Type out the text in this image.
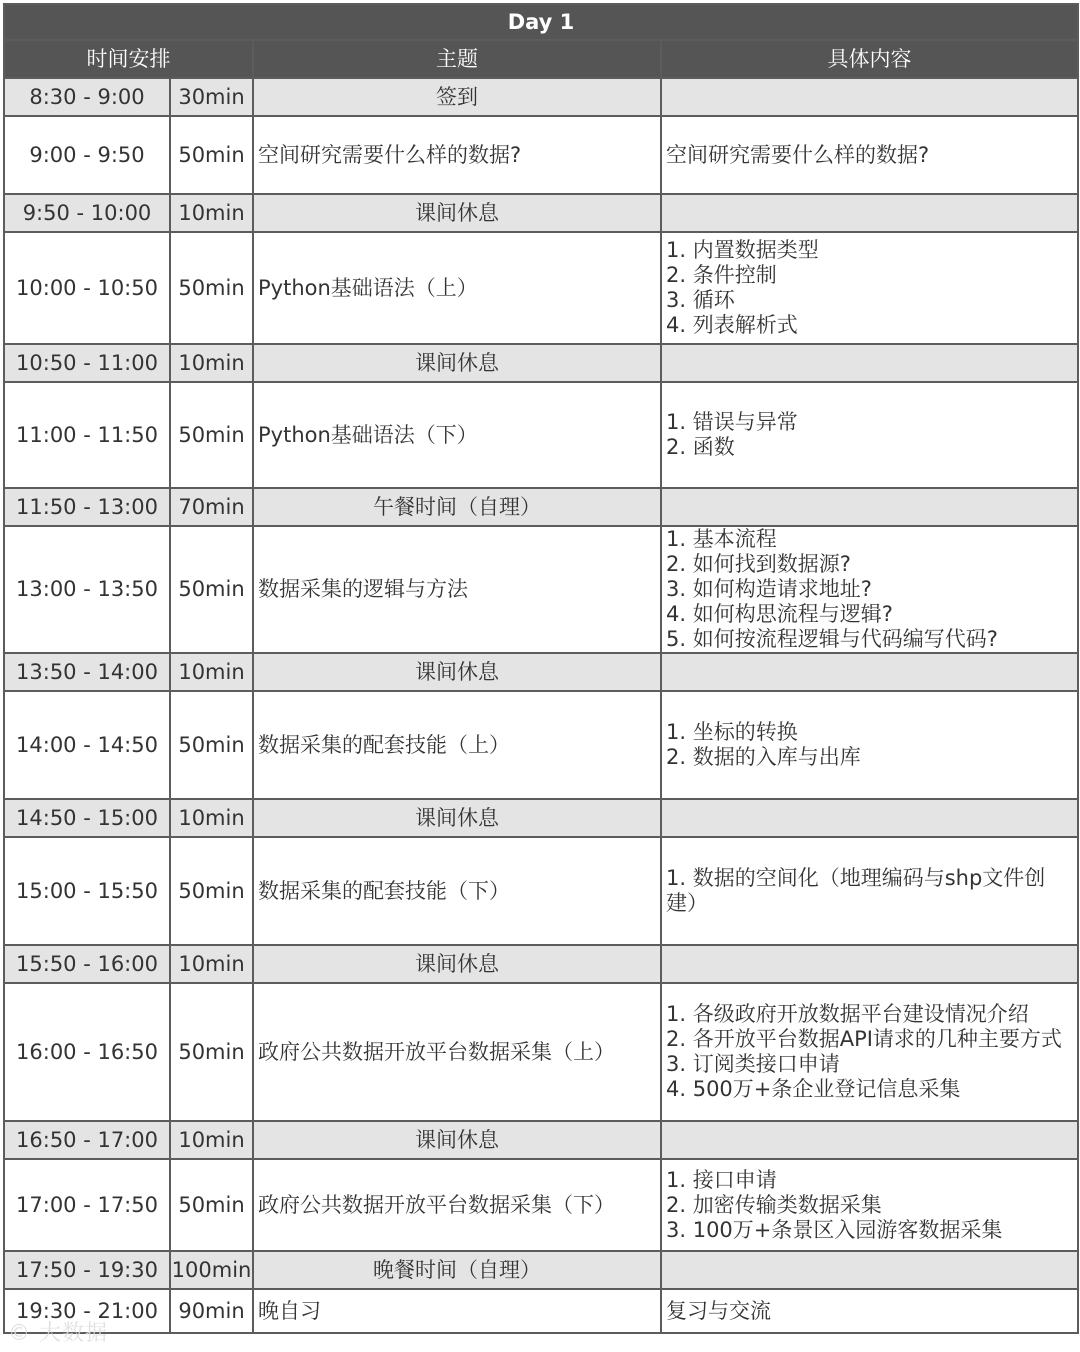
Day 1			
时间安排		主题	具体内容
8:30 - 9:00	30min	签到	

9:00 - 9:50	50min	空间研究需要什么样的数据?	空间研究需要什么样的数据?

9:50 - 10:00	10min	课间休息	

10:00 - 10:50	50min	Python基础语法（上）	1. 内置数据类型
2. 条件控制
3. 循环
4. 列表解析式

10:50 - 11:00	10min	课间休息	

11:00 - 11:50	50min	Python基础语法（下）	1. 错误与异常
2. 函数

11:50 - 13:00	70min	午餐时间（自理）	

13:00 - 13:50	50min	数据采集的逻辑与方法	1. 基本流程
2. 如何找到数据源?
3. 如何构造请求地址?
4. 如何构思流程与逻辑?
5. 如何按流程逻辑与代码编写代码?

13:50 - 14:00	10min	课间休息	

14:00 - 14:50	50min	数据采集的配套技能（上）	1. 坐标的转换
2. 数据的入库与出库

14:50 - 15:00	10min	课间休息	

15:00 - 15:50	50min	数据采集的配套技能（下）	1. 数据的空间化（地理编码与shp文件创建）

15:50 - 16:00	10min	课间休息	

16:00 - 16:50	50min	政府公共数据开放平台数据采集（上）	1. 各级政府开放数据平台建设情况介绍
2. 各开放平台数据API请求的几种主要方式
3. 订阅类接口申请
4. 500万+条企业登记信息采集

16:50 - 17:00	10min	课间休息	

17:00 - 17:50	50min	政府公共数据开放平台数据采集（下）	1. 接口申请
2. 加密传输类数据采集
3. 100万+条景区入园游客数据采集

17:50 - 19:30	100min	晚餐时间（自理）	

19:30 - 21:00	90min	晚自习	复习与交流
© 大数据
